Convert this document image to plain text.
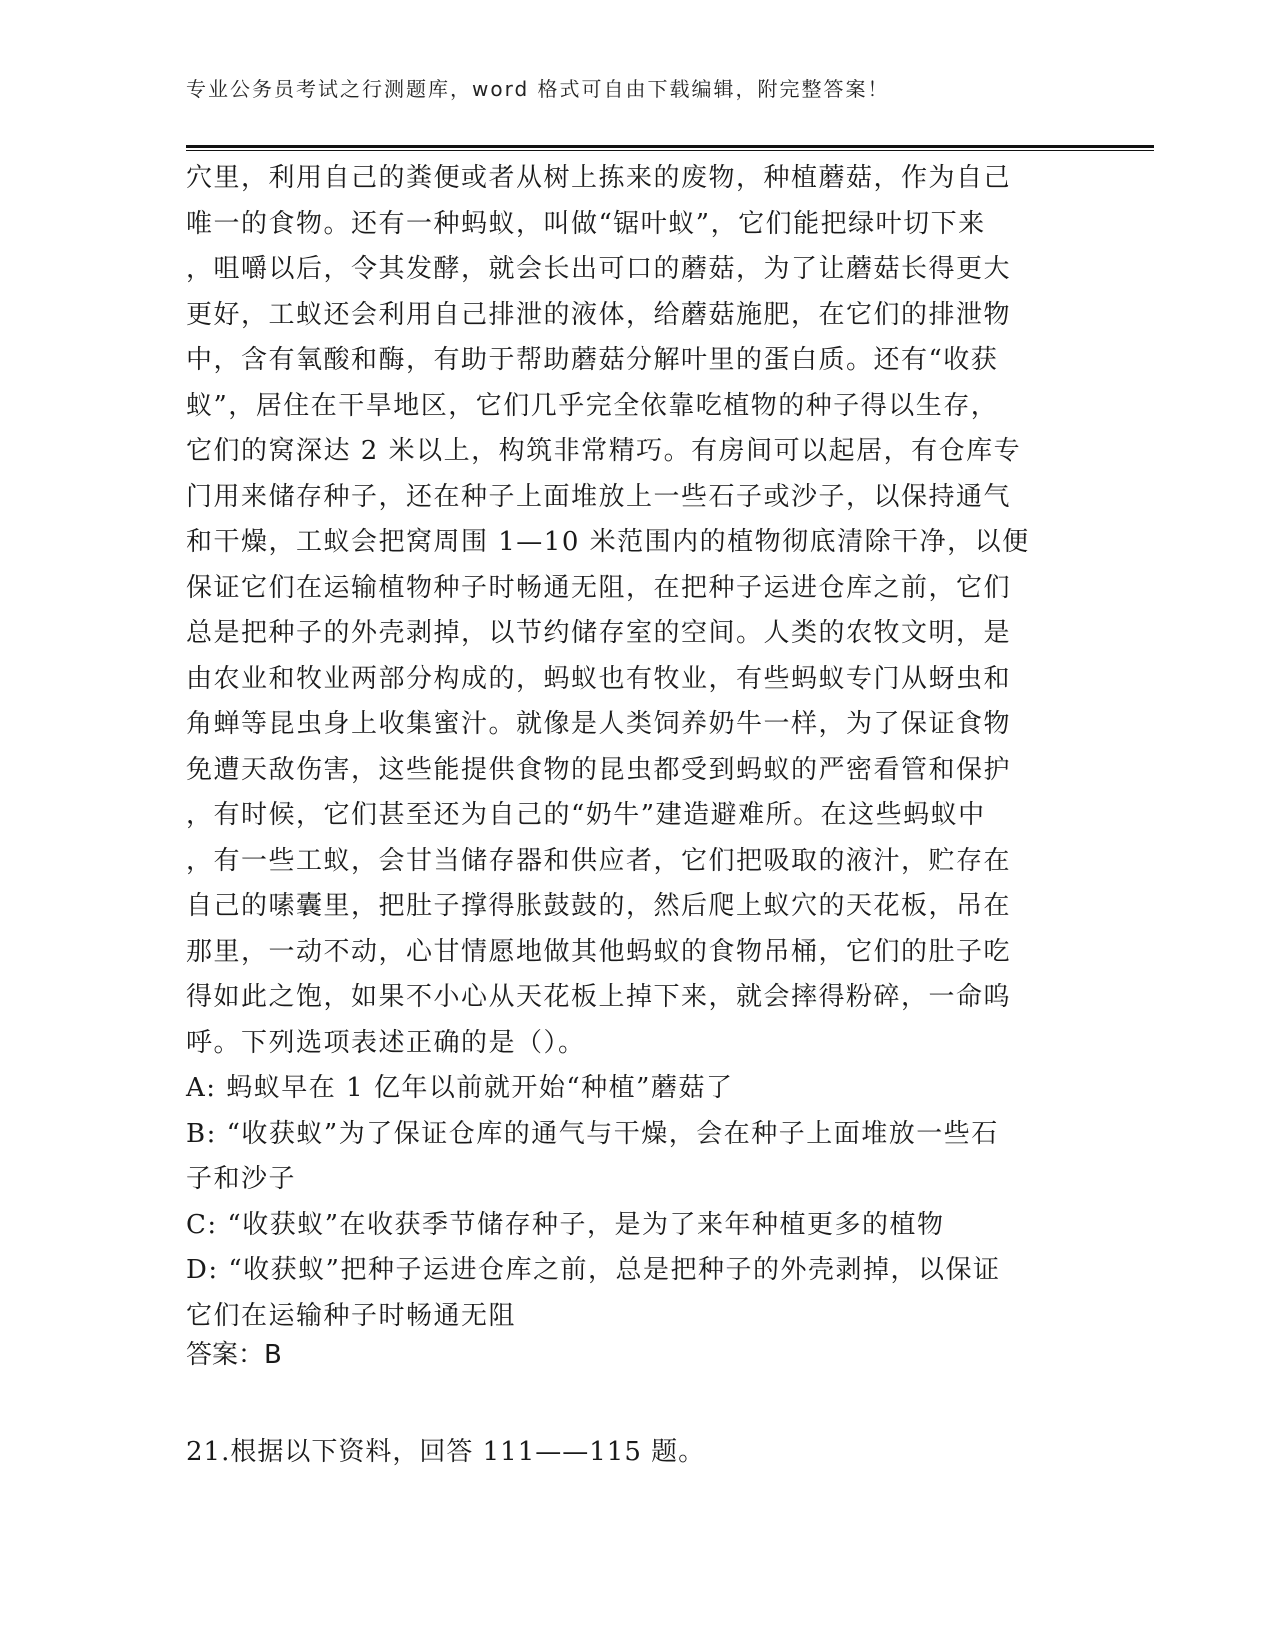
专业公务员考试之行测题库，word 格式可自由下载编辑，附完整答案！
穴里，利用自己的粪便或者从树上拣来的废物，种植蘑菇，作为自己
唯一的食物。还有一种蚂蚁，叫做“锯叶蚁”，它们能把绿叶切下来
，咀嚼以后，令其发酵，就会长出可口的蘑菇，为了让蘑菇长得更大
更好，工蚁还会利用自己排泄的液体，给蘑菇施肥，在它们的排泄物
中，含有氧酸和酶，有助于帮助蘑菇分解叶里的蛋白质。还有“收获
蚁”，居住在干旱地区，它们几乎完全依靠吃植物的种子得以生存，
它们的窝深达 2 米以上，构筑非常精巧。有房间可以起居，有仓库专
门用来储存种子，还在种子上面堆放上一些石子或沙子，以保持通气
和干燥，工蚁会把窝周围 1—10 米范围内的植物彻底清除干净，以便
保证它们在运输植物种子时畅通无阻，在把种子运进仓库之前，它们
总是把种子的外壳剥掉，以节约储存室的空间。人类的农牧文明，是
由农业和牧业两部分构成的，蚂蚁也有牧业，有些蚂蚁专门从蚜虫和
角蝉等昆虫身上收集蜜汁。就像是人类饲养奶牛一样，为了保证食物
免遭天敌伤害，这些能提供食物的昆虫都受到蚂蚁的严密看管和保护
，有时候，它们甚至还为自己的“奶牛”建造避难所。在这些蚂蚁中
，有一些工蚁，会甘当储存器和供应者，它们把吸取的液汁，贮存在
自己的嗉囊里，把肚子撑得胀鼓鼓的，然后爬上蚁穴的天花板，吊在
那里，一动不动，心甘情愿地做其他蚂蚁的食物吊桶，它们的肚子吃
得如此之饱，如果不小心从天花板上掉下来，就会摔得粉碎，一命呜
呼。下列选项表述正确的是（）。
A: 蚂蚁早在 1 亿年以前就开始“种植”蘑菇了
B: “收获蚁”为了保证仓库的通气与干燥，会在种子上面堆放一些石
子和沙子
C: “收获蚁”在收获季节储存种子，是为了来年种植更多的植物
D: “收获蚁”把种子运进仓库之前，总是把种子的外壳剥掉，以保证
它们在运输种子时畅通无阻
答案：B
21.根据以下资料，回答 111——115 题。
